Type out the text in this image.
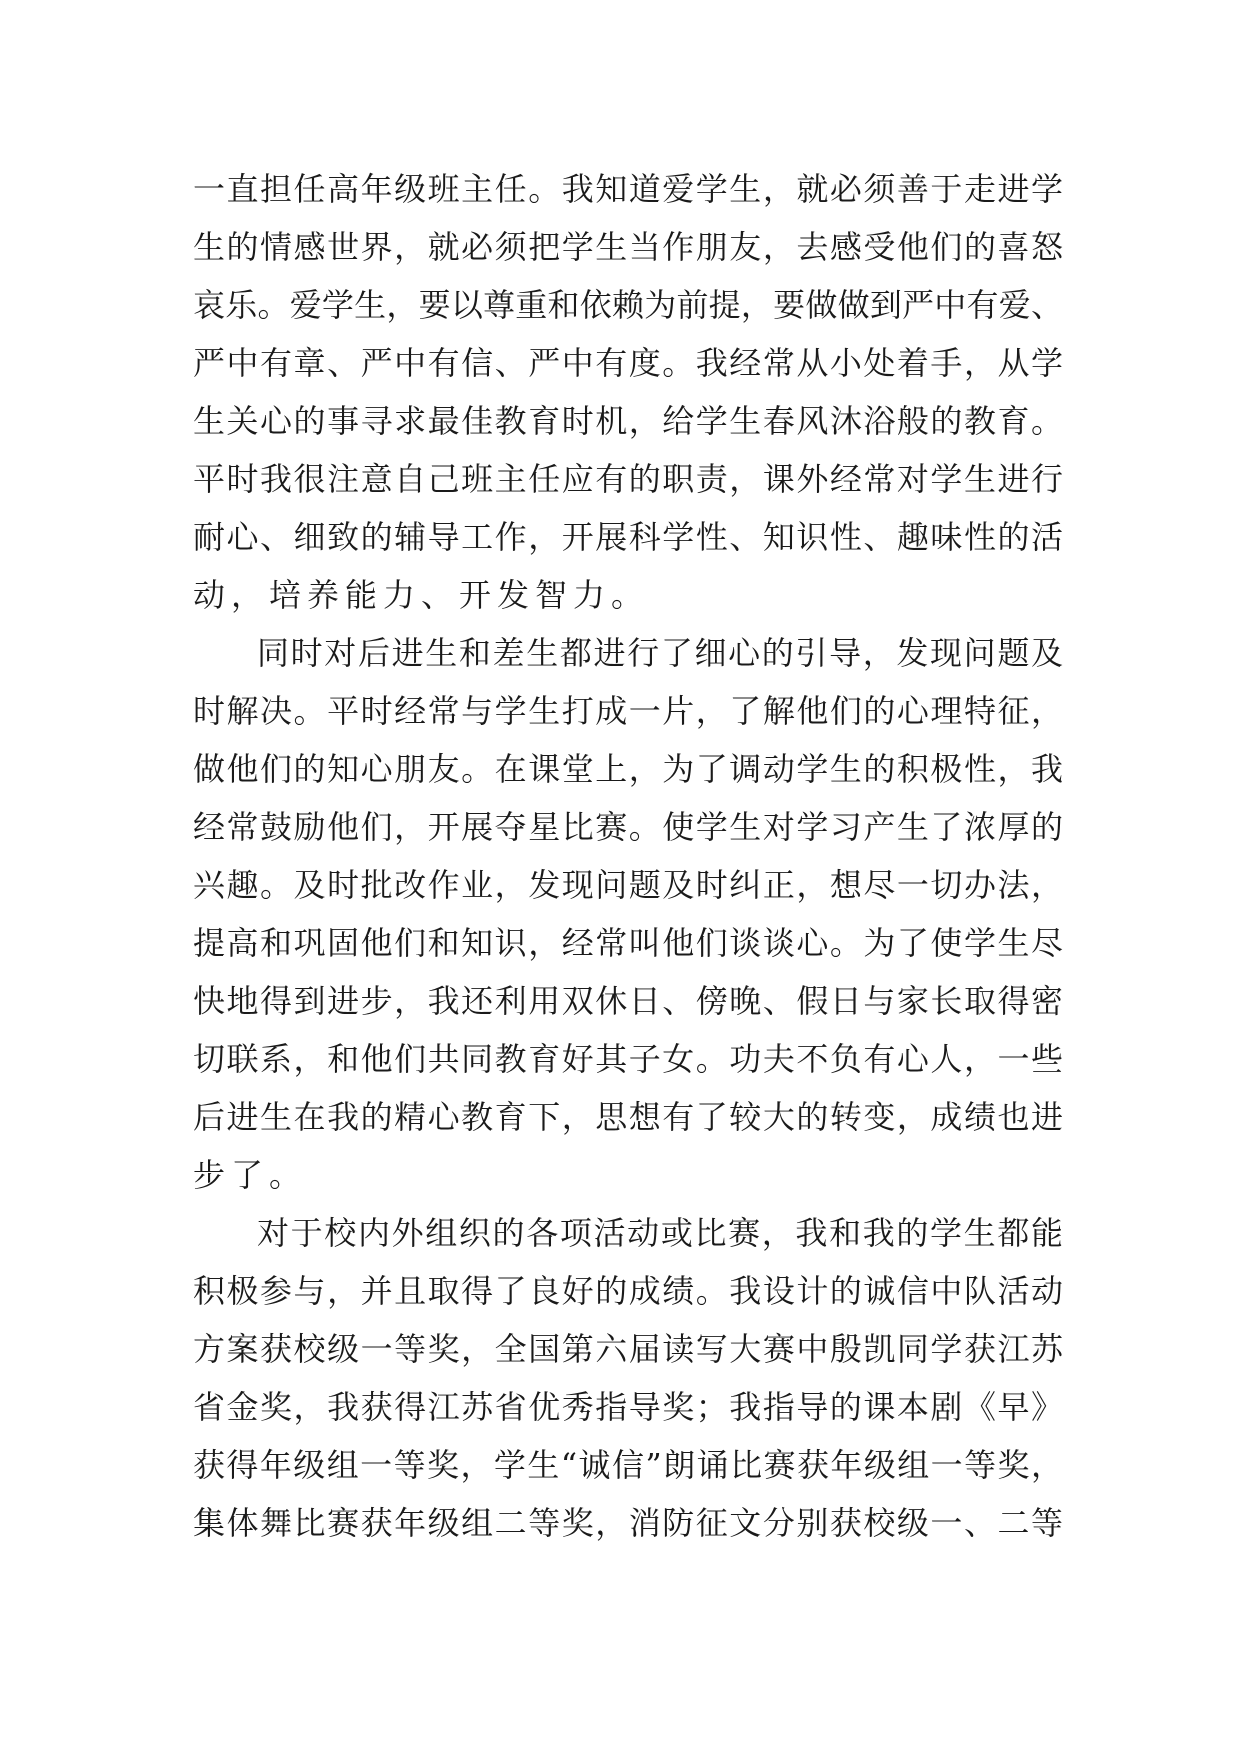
一直担任高年级班主任。我知道爱学生，就必须善于走进学
生的情感世界，就必须把学生当作朋友，去感受他们的喜怒
哀乐。爱学生，要以尊重和依赖为前提，要做做到严中有爱、
严中有章、严中有信、严中有度。我经常从小处着手，从学
生关心的事寻求最佳教育时机，给学生春风沐浴般的教育。
平时我很注意自己班主任应有的职责，课外经常对学生进行
耐心、细致的辅导工作，开展科学性、知识性、趣味性的活
动，培养能力、开发智力。
同时对后进生和差生都进行了细心的引导，发现问题及
时解决。平时经常与学生打成一片，了解他们的心理特征，
做他们的知心朋友。在课堂上，为了调动学生的积极性，我
经常鼓励他们，开展夺星比赛。使学生对学习产生了浓厚的
兴趣。及时批改作业，发现问题及时纠正，想尽一切办法，
提高和巩固他们和知识，经常叫他们谈谈心。为了使学生尽
快地得到进步，我还利用双休日、傍晚、假日与家长取得密
切联系，和他们共同教育好其子女。功夫不负有心人，一些
后进生在我的精心教育下，思想有了较大的转变，成绩也进
步了。
对于校内外组织的各项活动或比赛，我和我的学生都能
积极参与，并且取得了良好的成绩。我设计的诚信中队活动
方案获校级一等奖，全国第六届读写大赛中殷凯同学获江苏
省金奖，我获得江苏省优秀指导奖；我指导的课本剧《早》
获得年级组一等奖，学生“诚信”朗诵比赛获年级组一等奖，
集体舞比赛获年级组二等奖，消防征文分别获校级一、二等
